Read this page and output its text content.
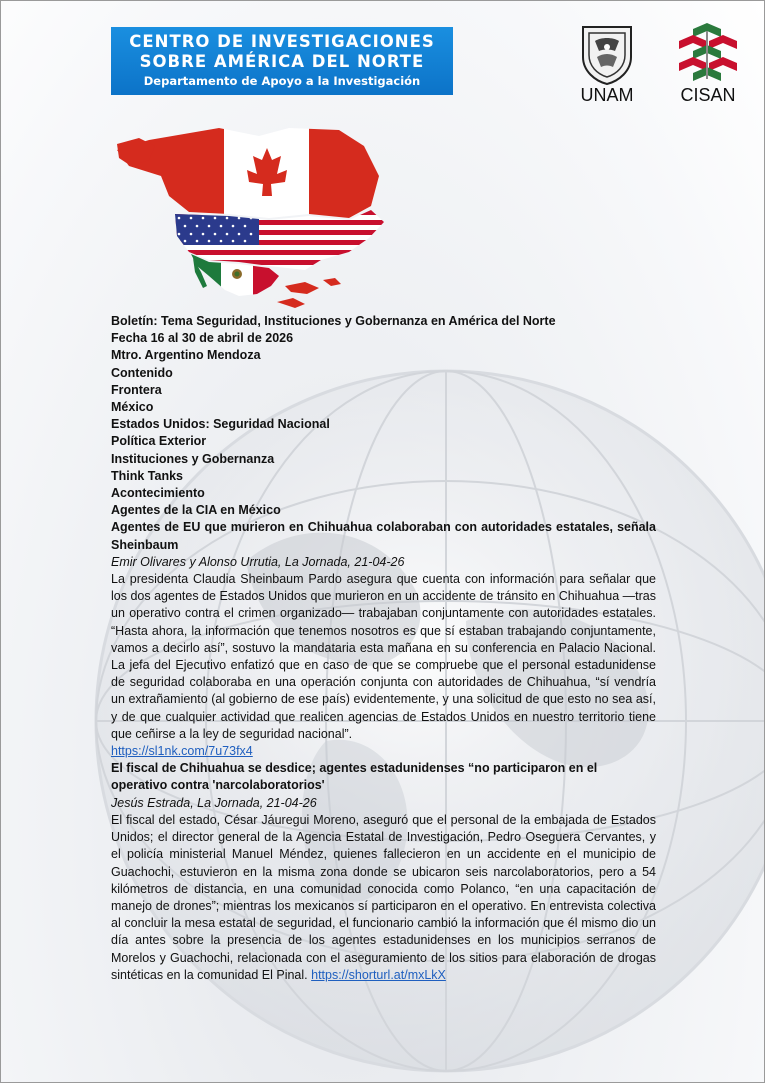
CENTRO DE INVESTIGACIONES
SOBRE AMÉRICA DEL NORTE
Departamento de Apoyo a la Investigación
UNAM	CISAN

Boletín: Tema Seguridad, Instituciones y Gobernanza en América del Norte

Fecha 16 al 30 de abril de 2026

Mtro. Argentino Mendoza

Contenido

Frontera

México

Estados Unidos: Seguridad Nacional

Política Exterior

Instituciones y Gobernanza

Think Tanks

Acontecimiento

Agentes de la CIA en México

Agentes de EU que murieron en Chihuahua colaboraban con autoridades estatales, señala Sheinbaum

Emir Olivares y Alonso Urrutia, La Jornada, 21-04-26

La presidenta Claudia Sheinbaum Pardo asegura que cuenta con información para señalar que los dos agentes de Estados Unidos que murieron en un accidente de tránsito en Chihuahua —tras un operativo contra el crimen organizado— trabajaban conjuntamente con autoridades estatales. “Hasta ahora, la información que tenemos nosotros es que sí estaban trabajando conjuntamente, vamos a decirlo así”, sostuvo la mandataria esta mañana en su conferencia en Palacio Nacional. La jefa del Ejecutivo enfatizó que en caso de que se compruebe que el personal estadunidense de seguridad colaboraba en una operación conjunta con autoridades de Chihuahua, “sí vendría un extrañamiento (al gobierno de ese país) evidentemente, y una solicitud de que esto no sea así, y de que cualquier actividad que realicen agencias de Estados Unidos en nuestro territorio tiene que ceñirse a la ley de seguridad nacional”.

https://sl1nk.com/7u73fx4

El fiscal de Chihuahua se desdice; agentes estadunidenses “no participaron en el operativo contra 'narcolaboratorios'

Jesús Estrada, La Jornada, 21-04-26

El fiscal del estado, César Jáuregui Moreno, aseguró que el personal de la embajada de Estados Unidos; el director general de la Agencia Estatal de Investigación, Pedro Oseguera Cervantes, y el policía ministerial Manuel Méndez, quienes fallecieron en un accidente en el municipio de Guachochi, estuvieron en la misma zona donde se ubicaron seis narcolaboratorios, pero a 54 kilómetros de distancia, en una comunidad conocida como Polanco, “en una capacitación de manejo de drones”; mientras los mexicanos sí participaron en el operativo. En entrevista colectiva al concluir la mesa estatal de seguridad, el funcionario cambió la información que él mismo dio un día antes sobre la presencia de los agentes estadunidenses en los municipios serranos de Morelos y Guachochi, relacionada con el aseguramiento de los sitios para elaboración de drogas sintéticas en la comunidad El Pinal. https://shorturl.at/mxLkX
